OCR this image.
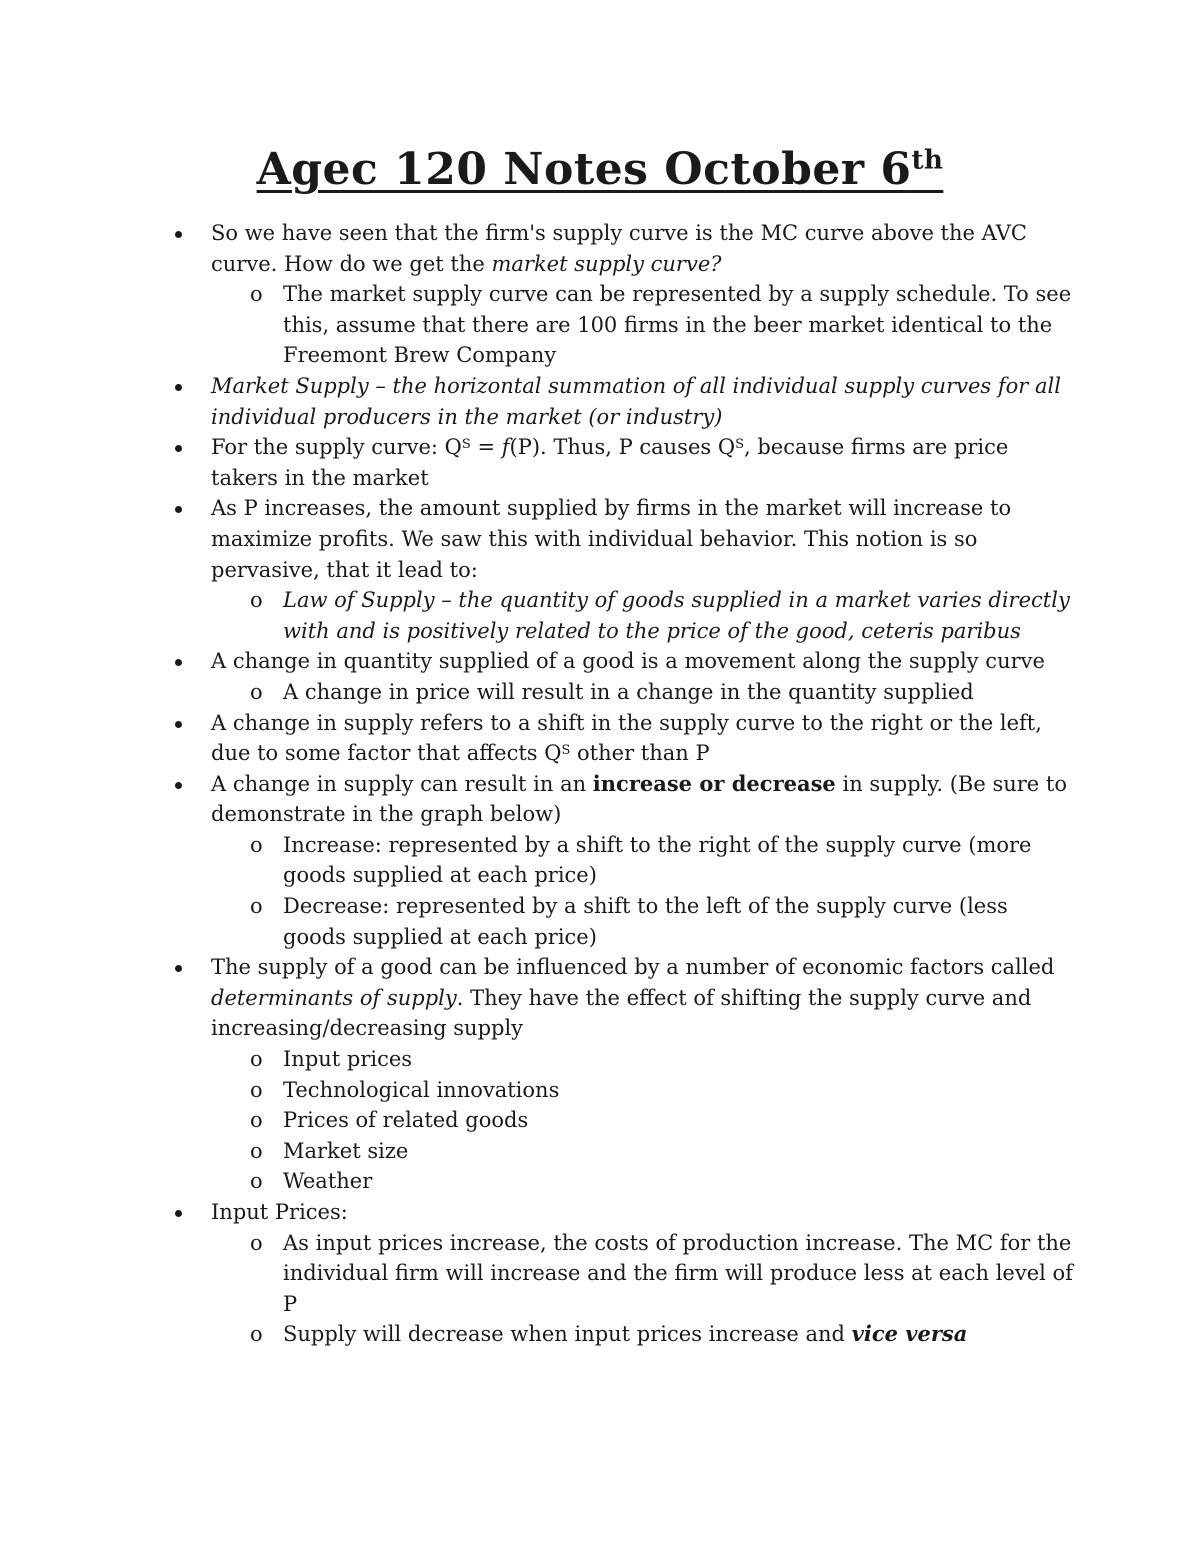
Agec 120 Notes October 6th
So we have seen that the firm's supply curve is the MC curve above the AVC curve. How do we get the market supply curve?
o The market supply curve can be represented by a supply schedule. To see this, assume that there are 100 firms in the beer market identical to the Freemont Brew Company
Market Supply – the horizontal summation of all individual supply curves for all individual producers in the market (or industry)
For the supply curve: $Q^S = f(P)$. Thus, P causes $Q^S$, because firms are price takers in the market
As P increases, the amount supplied by firms in the market will increase to maximize profits. We saw this with individual behavior. This notion is so pervasive, that it lead to:
o Law of Supply – the quantity of goods supplied in a market varies directly with and is positively related to the price of the good, ceteris paribus
A change in quantity supplied of a good is a movement along the supply curve
o A change in price will result in a change in the quantity supplied
A change in supply refers to a shift in the supply curve to the right or the left, due to some factor that affects $Q^S$ other than P
A change in supply can result in an increase or decrease in supply. (Be sure to demonstrate in the graph below)
o Increase: represented by a shift to the right of the supply curve (more goods supplied at each price)
o Decrease: represented by a shift to the left of the supply curve (less goods supplied at each price)
The supply of a good can be influenced by a number of economic factors called determinants of supply. They have the effect of shifting the supply curve and increasing/decreasing supply
o Input prices
o Technological innovations
o Prices of related goods
o Market size
o Weather
Input Prices:
o As input prices increase, the costs of production increase. The MC for the individual firm will increase and the firm will produce less at each level of P
o Supply will decrease when input prices increase and vice versa
